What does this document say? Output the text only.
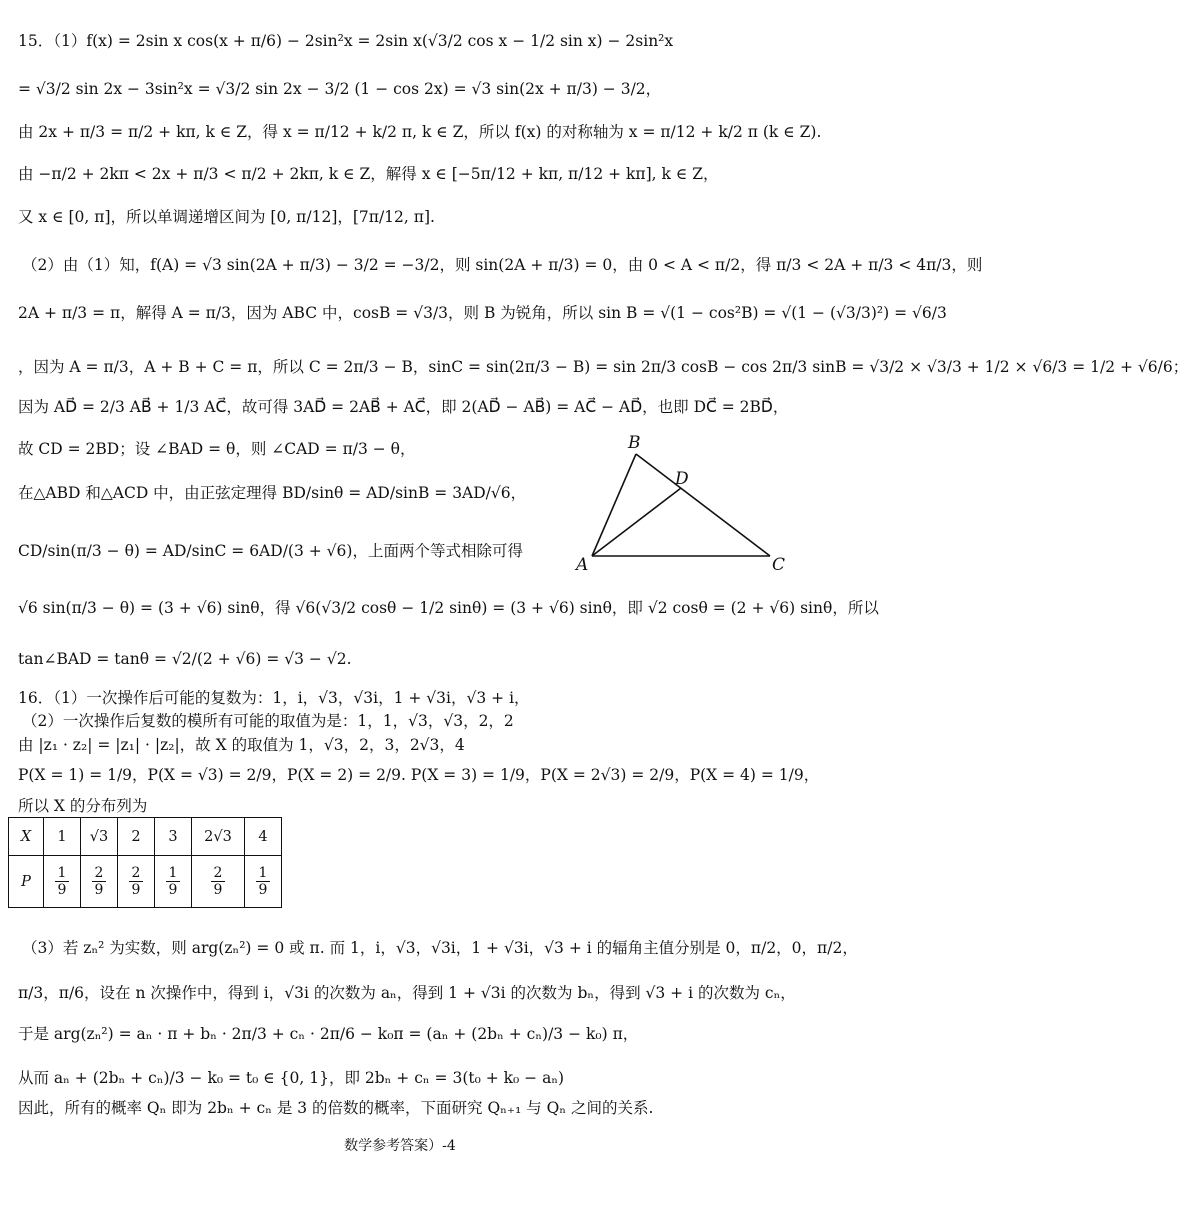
15．（1）f(x) = 2sin x cos(x + π/6) − 2sin²x = 2sin x(√3/2 cos x − 1/2 sin x) − 2sin²x
= √3/2 sin 2x − 3sin²x = √3/2 sin 2x − 3/2 (1 − cos 2x) = √3 sin(2x + π/3) − 3/2，
由 2x + π/3 = π/2 + kπ, k ∈ Z，得 x = π/12 + k/2 π, k ∈ Z，所以 f(x) 的对称轴为 x = π/12 + k/2 π (k ∈ Z).
由 −π/2 + 2kπ < 2x + π/3 < π/2 + 2kπ, k ∈ Z，解得 x ∈ [−5π/12 + kπ, π/12 + kπ], k ∈ Z，
又 x ∈ [0, π]，所以单调递增区间为 [0, π/12]，[7π/12, π].
（2）由（1）知，f(A) = √3 sin(2A + π/3) − 3/2 = −3/2，则 sin(2A + π/3) = 0，由 0 < A < π/2，得 π/3 < 2A + π/3 < 4π/3，则
2A + π/3 = π，解得 A = π/3，因为 ABC 中，cosB = √3/3，则 B 为锐角，所以 sin B = √(1 − cos²B) = √(1 − (√3/3)²) = √6/3
，因为 A = π/3，A + B + C = π，所以 C = 2π/3 − B，sinC = sin(2π/3 − B) = sin 2π/3 cosB − cos 2π/3 sinB = √3/2 × √3/3 + 1/2 × √6/3 = 1/2 + √6/6；
因为 AD⃗ = 2/3 AB⃗ + 1/3 AC⃗，故可得 3AD⃗ = 2AB⃗ + AC⃗，即 2(AD⃗ − AB⃗) = AC⃗ − AD⃗，也即 DC⃗ = 2BD⃗，
故 CD = 2BD；设 ∠BAD = θ，则 ∠CAD = π/3 − θ，
在△ABD 和△ACD 中，由正弦定理得 BD/sinθ = AD/sinB = 3AD/√6，
CD/sin(π/3 − θ) = AD/sinC = 6AD/(3 + √6)，上面两个等式相除可得
B
D
A	C
√6 sin(π/3 − θ) = (3 + √6) sinθ，得 √6(√3/2 cosθ − 1/2 sinθ) = (3 + √6) sinθ，即 √2 cosθ = (2 + √6) sinθ，所以
tan∠BAD = tanθ = √2/(2 + √6) = √3 − √2.
16．（1）一次操作后可能的复数为：1，i，√3，√3i，1 + √3i，√3 + i，
（2）一次操作后复数的模所有可能的取值为是：1，1，√3，√3，2，2
由 |z₁ · z₂| = |z₁| · |z₂|，故 X 的取值为 1，√3，2，3，2√3，4
P(X = 1) = 1/9，P(X = √3) = 2/9，P(X = 2) = 2/9. P(X = 3) = 1/9，P(X = 2√3) = 2/9，P(X = 4) = 1/9，
所以 X 的分布列为
X	1	√3	2	3	2√3	4
P	$\frac{1}{9}$	$\frac{2}{9}$	$\frac{2}{9}$	$\frac{1}{9}$	$\frac{2}{9}$	$\frac{1}{9}$
（3）若 zₙ² 为实数，则 arg(zₙ²) = 0 或 π. 而 1，i，√3，√3i，1 + √3i，√3 + i 的辐角主值分别是 0，π/2，0，π/2，
π/3，π/6，设在 n 次操作中，得到 i，√3i 的次数为 aₙ，得到 1 + √3i 的次数为 bₙ，得到 √3 + i 的次数为 cₙ，
于是 arg(zₙ²) = aₙ · π + bₙ · 2π/3 + cₙ · 2π/6 − k₀π = (aₙ + (2bₙ + cₙ)/3 − k₀) π，
从而 aₙ + (2bₙ + cₙ)/3 − k₀ = t₀ ∈ {0, 1}，即 2bₙ + cₙ = 3(t₀ + k₀ − aₙ)
因此，所有的概率 Qₙ 即为 2bₙ + cₙ 是 3 的倍数的概率，下面研究 Qₙ₊₁ 与 Qₙ 之间的关系.
数学参考答案）-4
